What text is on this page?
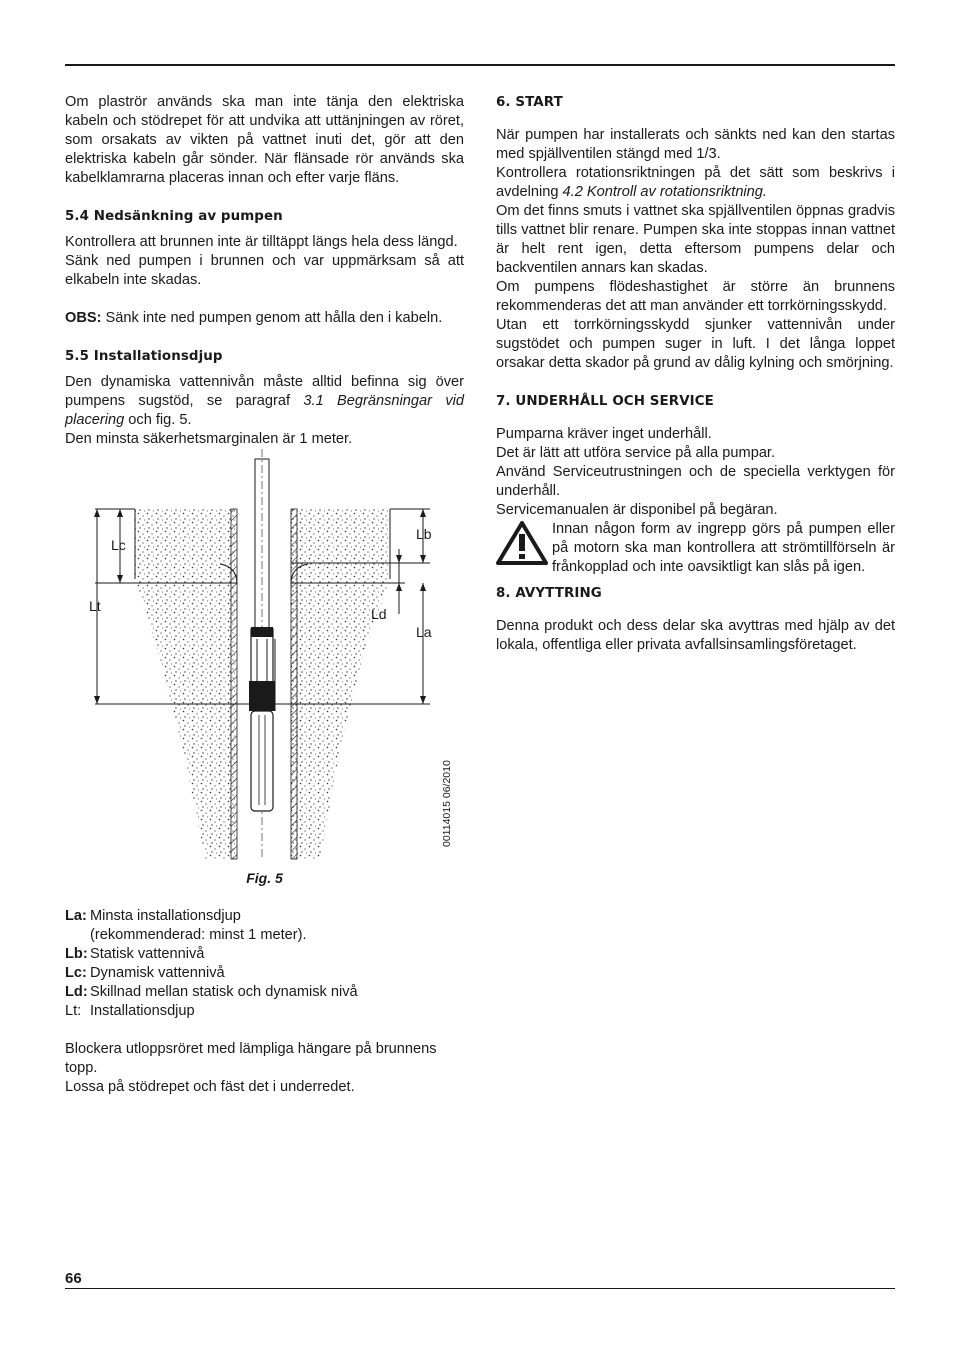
Om plaströr används ska man inte tänja den elektriska kabeln och stödrepet för att undvika att uttänjningen av röret, som orsakats av vikten på vattnet inuti det, gör att den elektriska kabeln går sönder. När flänsade rör används ska kabelklamrarna placeras innan och efter varje fläns.

5.4 Nedsänkning av pumpen

Kontrollera att brunnen inte är tilltäppt längs hela dess längd.

Sänk ned pumpen i brunnen och var uppmärksam så att elkabeln inte skadas.

OBS: Sänk inte ned pumpen genom att hålla den i kabeln.

5.5 Installationsdjup

Den dynamiska vattennivån måste alltid befinna sig över pumpens sugstöd, se paragraf 3.1 Begränsningar vid placering och fig. 5.

Den minsta säkerhetsmarginalen är 1 meter.

Lc
Lt
Lb
Ld
La
00114015 06/2010
Fig. 5
La: Minsta installationsdjup
(rekommenderad: minst 1 meter).
Lb: Statisk vattennivå
Lc: Dynamisk vattennivå
Ld: Skillnad mellan statisk och dynamisk nivå
Lt: Installationsdjup

Blockera utloppsröret med lämpliga hängare på brunnens topp.

Lossa på stödrepet och fäst det i underredet.

6. START

När pumpen har installerats och sänkts ned kan den startas med spjällventilen stängd med 1/3.

Kontrollera rotationsriktningen på det sätt som beskrivs i avdelning 4.2 Kontroll av rotationsriktning.

Om det finns smuts i vattnet ska spjällventilen öppnas gradvis tills vattnet blir renare. Pumpen ska inte stoppas innan vattnet är helt rent igen, detta eftersom pumpens delar och backventilen annars kan skadas.

Om pumpens flödeshastighet är större än brunnens rekommenderas det att man använder ett torrkörningsskydd.

Utan ett torrkörningsskydd sjunker vattennivån under sugstödet och pumpen suger in luft. I det långa loppet orsakar detta skador på grund av dålig kylning och smörjning.

7. UNDERHÅLL OCH SERVICE

Pumparna kräver inget underhåll.

Det är lätt att utföra service på alla pumpar.

Använd Serviceutrustningen och de speciella verktygen för underhåll.

Servicemanualen är disponibel på begäran.

Innan någon form av ingrepp görs på pumpen eller på motorn ska man kontrollera att strömtillförseln är frånkopplad och inte oavsiktligt kan slås på igen.

8. AVYTTRING

Denna produkt och dess delar ska avyttras med hjälp av det lokala, offentliga eller privata avfallsinsamlingsföretaget.

66
